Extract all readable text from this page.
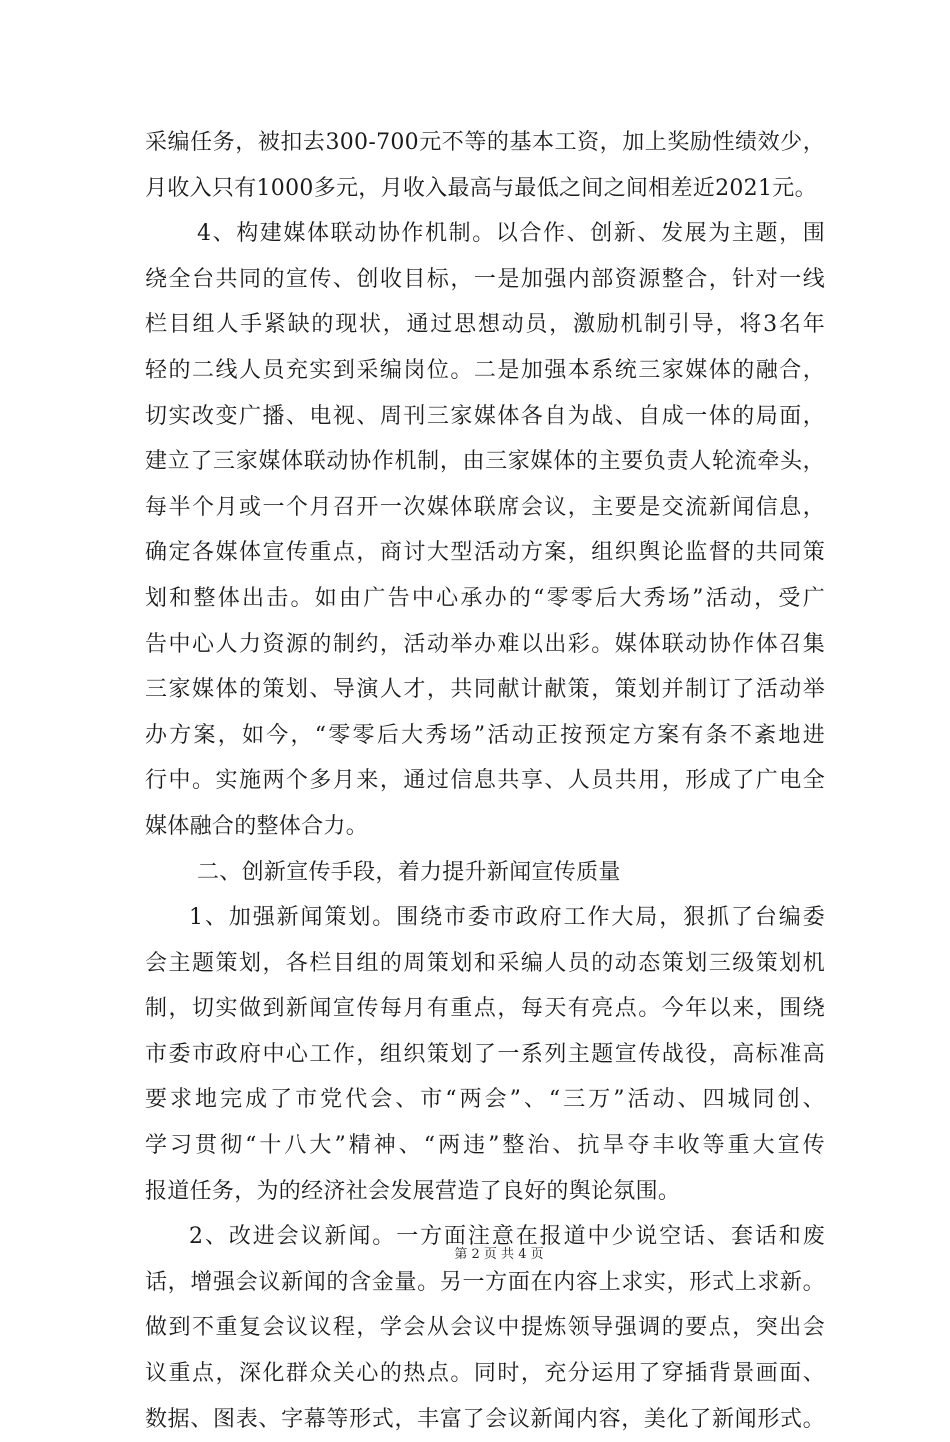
采编任务，被扣去300-700元不等的基本工资，加上奖励性绩效少，
月收入只有1000多元，月收入最高与最低之间之间相差近2021元。
4、构建媒体联动协作机制。以合作、创新、发展为主题，围
绕全台共同的宣传、创收目标，一是加强内部资源整合，针对一线
栏目组人手紧缺的现状，通过思想动员，激励机制引导，将3名年
轻的二线人员充实到采编岗位。二是加强本系统三家媒体的融合，
切实改变广播、电视、周刊三家媒体各自为战、自成一体的局面，
建立了三家媒体联动协作机制，由三家媒体的主要负责人轮流牵头，
每半个月或一个月召开一次媒体联席会议，主要是交流新闻信息，
确定各媒体宣传重点，商讨大型活动方案，组织舆论监督的共同策
划和整体出击。如由广告中心承办的“零零后大秀场”活动，受广
告中心人力资源的制约，活动举办难以出彩。媒体联动协作体召集
三家媒体的策划、导演人才，共同献计献策，策划并制订了活动举
办方案，如今，“零零后大秀场”活动正按预定方案有条不紊地进
行中。实施两个多月来，通过信息共享、人员共用，形成了广电全
媒体融合的整体合力。
二、创新宣传手段，着力提升新闻宣传质量
1、加强新闻策划。围绕市委市政府工作大局，狠抓了台编委
会主题策划，各栏目组的周策划和采编人员的动态策划三级策划机
制，切实做到新闻宣传每月有重点，每天有亮点。今年以来，围绕
市委市政府中心工作，组织策划了一系列主题宣传战役，高标准高
要求地完成了市党代会、市“两会”、“三万”活动、四城同创、
学习贯彻“十八大”精神、“两违”整治、抗旱夺丰收等重大宣传
报道任务，为的经济社会发展营造了良好的舆论氛围。
2、改进会议新闻。一方面注意在报道中少说空话、套话和废
话，增强会议新闻的含金量。另一方面在内容上求实，形式上求新。
做到不重复会议议程，学会从会议中提炼领导强调的要点，突出会
议重点，深化群众关心的热点。同时，充分运用了穿插背景画面、
数据、图表、字幕等形式，丰富了会议新闻内容，美化了新闻形式。
第 2 页 共 4 页
